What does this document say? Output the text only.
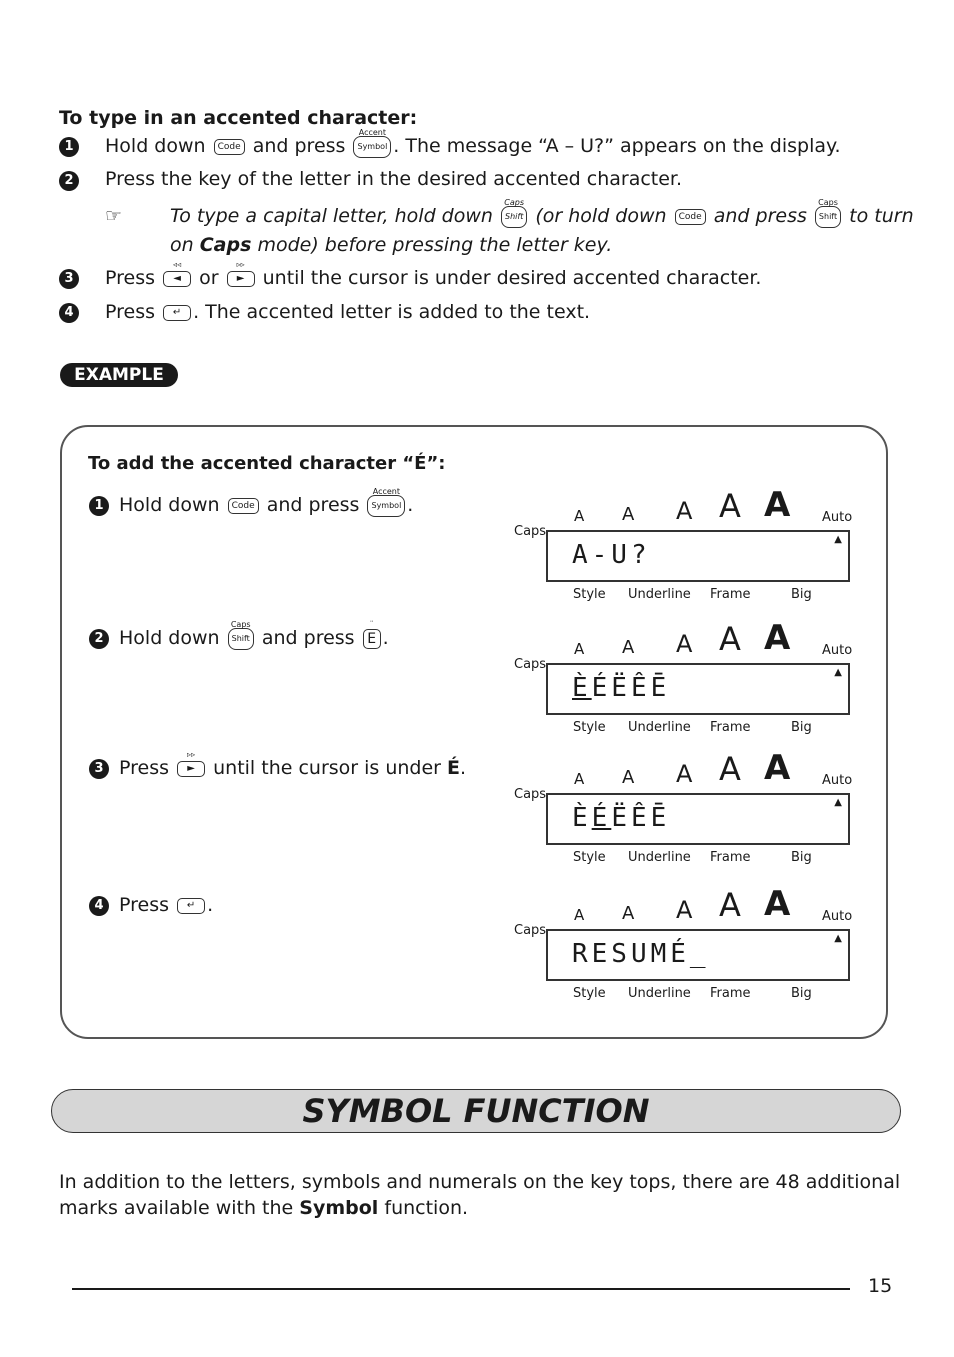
To type in an accented character:
1 Hold down Code and press
Accent
Symbol . The message “A – U?” appears on the display.
2 Press the key of the letter in the desired accented character.
☞	To type a capital letter, hold down
Caps
Shift (or hold down Code and press
Caps
Shift to turn
on Caps mode) before pressing the letter key.
3 Press
◃◃
◄ or
▹▹
► until the cursor is under desired accented character.
4 Press ↵ . The accented letter is added to the text.
EXAMPLE
To add the accented character “É”:
1 Hold down Code and press
Accent
Symbol .
2 Hold down
Caps
Shift and press
¨
E .
3 Press
▹▹
► until the cursor is under É.
4 Press ↵ .
A A A A A Auto
Caps
▲
A-U?
Style Underline Frame	Big
A A A A A Auto
Caps
▲
ÈÉËÊĒ
Style Underline Frame	Big
A A A A A Auto
Caps
▲
ÈÉËÊĒ
Style Underline Frame	Big
A A A A A Auto
Caps
▲
RESUMÉ_
Style Underline Frame	Big
SYMBOL FUNCTION
In addition to the letters, symbols and numerals on the key tops, there are 48 additional
marks available with the Symbol function.
15
